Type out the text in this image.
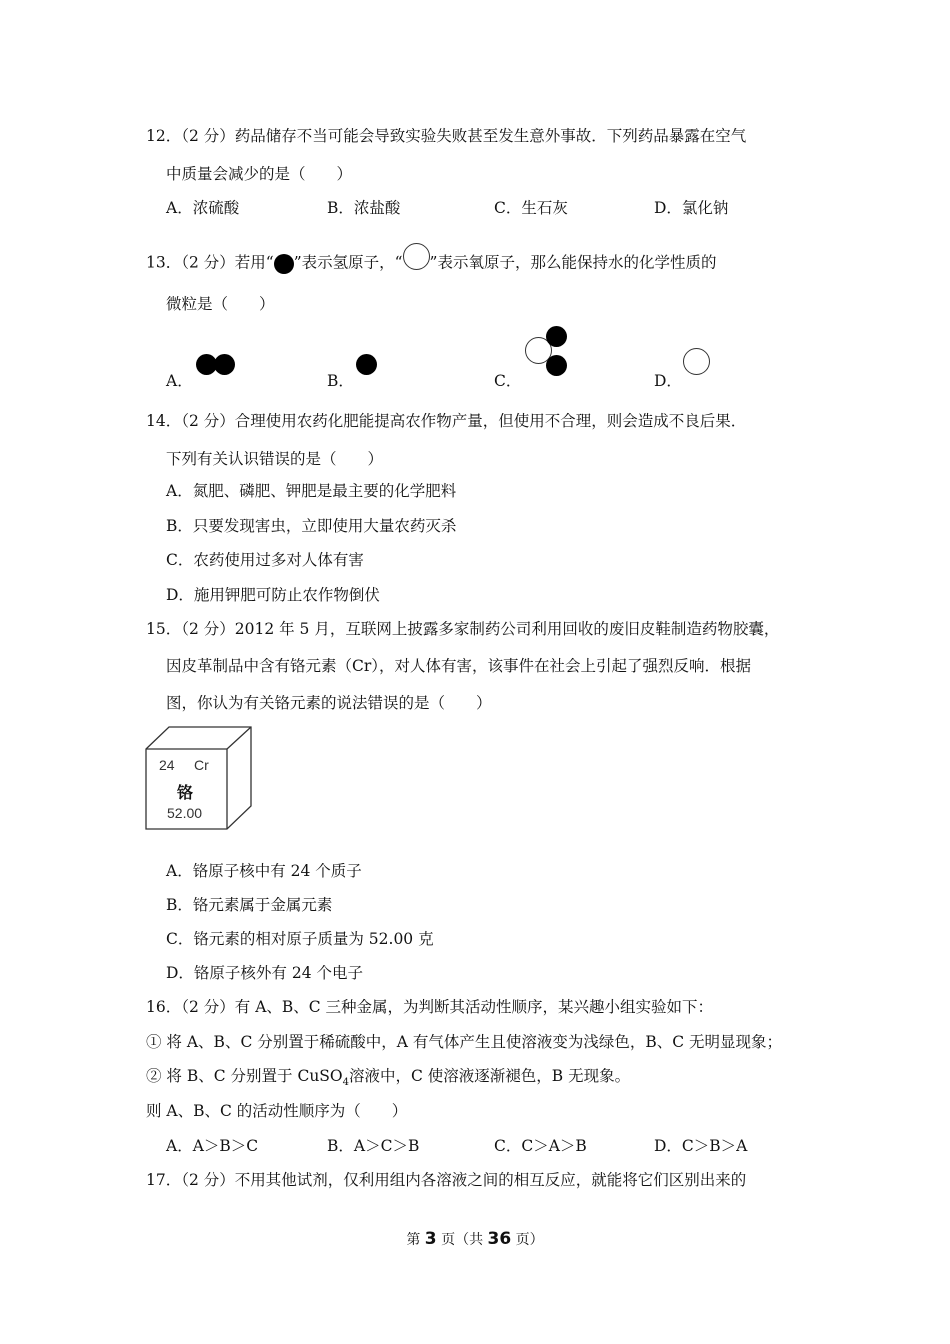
12．（2 分）药品储存不当可能会导致实验失败甚至发生意外事故．下列药品暴露在空气
中质量会减少的是（　　）
A．浓硫酸	B．浓盐酸	C．生石灰	D．氯化钠
13．（2 分）若用“ ”表示氢原子，“ ”表示氧原子，那么能保持水的化学性质的
微粒是（　　）
A．	B．	C．	D．
14．（2 分）合理使用农药化肥能提高农作物产量，但使用不合理，则会造成不良后果．
下列有关认识错误的是（　　）
A．氮肥、磷肥、钾肥是最主要的化学肥料
B．只要发现害虫，立即使用大量农药灭杀
C．农药使用过多对人体有害
D．施用钾肥可防止农作物倒伏
15．（2 分）2012 年 5 月，互联网上披露多家制药公司利用回收的废旧皮鞋制造药物胶囊，
因皮革制品中含有铬元素（Cr），对人体有害，该事件在社会上引起了强烈反响．根据
图，你认为有关铬元素的说法错误的是（　　）
24 Cr
铬
52.00
A．铬原子核中有 24 个质子
B．铬元素属于金属元素
C．铬元素的相对原子质量为 52.00 克
D．铬原子核外有 24 个电子
16．（2 分）有 A、B、C 三种金属，为判断其活动性顺序，某兴趣小组实验如下：
① 将 A、B、C 分别置于稀硫酸中，A 有气体产生且使溶液变为浅绿色，B、C 无明显现象；
② 将 B、C 分别置于 CuSO$_4$溶液中，C 使溶液逐渐褪色，B 无现象。
则 A、B、C 的活动性顺序为（　　）
A．A＞B＞C	B．A＞C＞B	C．C＞A＞B	D．C＞B＞A
17．（2 分）不用其他试剂，仅利用组内各溶液之间的相互反应，就能将它们区别出来的
第 3 页（共 36 页）
